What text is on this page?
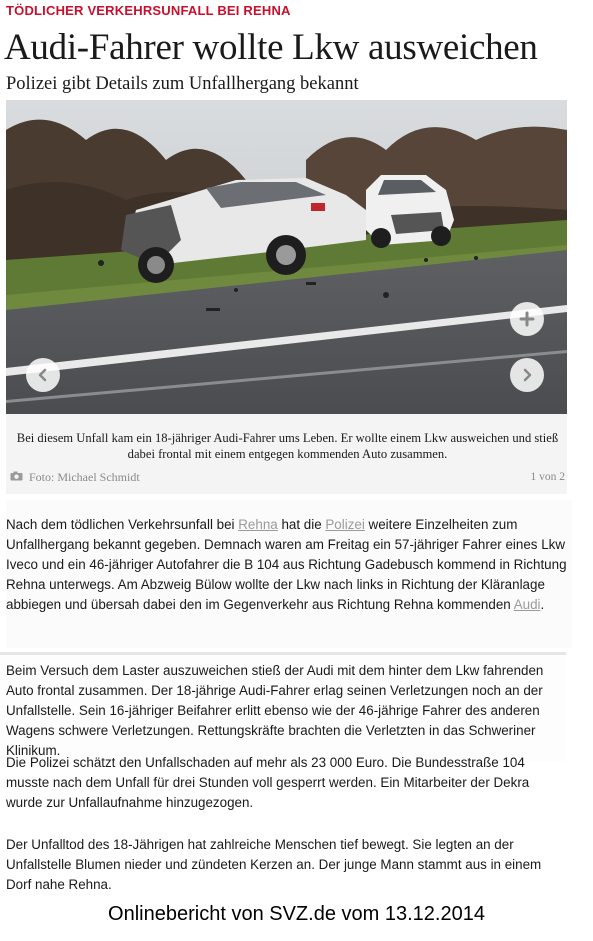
TÖDLICHER VERKEHRSUNFALL BEI REHNA
Audi-Fahrer wollte Lkw ausweichen
Polizei gibt Details zum Unfallhergang bekannt
Bei diesem Unfall kam ein 18-jähriger Audi-Fahrer ums Leben. Er wollte einem Lkw ausweichen und stieß dabei frontal mit einem entgegen kommenden Auto zusammen.
Foto: Michael Schmidt	1 von 2
Nach dem tödlichen Verkehrsunfall bei Rehna hat die Polizei weitere Einzelheiten zum Unfallhergang bekannt gegeben. Demnach waren am Freitag ein 57-jähriger Fahrer eines Lkw Iveco und ein 46-jähriger Autofahrer die B 104 aus Richtung Gadebusch kommend in Richtung Rehna unterwegs. Am Abzweig Bülow wollte der Lkw nach links in Richtung der Kläranlage abbiegen und übersah dabei den im Gegenverkehr aus Richtung Rehna kommenden Audi.
Beim Versuch dem Laster auszuweichen stieß der Audi mit dem hinter dem Lkw fahrenden Auto frontal zusammen. Der 18-jährige Audi-Fahrer erlag seinen Verletzungen noch an der Unfallstelle. Sein 16-jähriger Beifahrer erlitt ebenso wie der 46-jährige Fahrer des anderen Wagens schwere Verletzungen. Rettungskräfte brachten die Verletzten in das Schweriner Klinikum.
Die Polizei schätzt den Unfallschaden auf mehr als 23 000 Euro. Die Bundesstraße 104 musste nach dem Unfall für drei Stunden voll gesperrt werden. Ein Mitarbeiter der Dekra wurde zur Unfallaufnahme hinzugezogen.
Der Unfalltod des 18-Jährigen hat zahlreiche Menschen tief bewegt. Sie legten an der Unfallstelle Blumen nieder und zündeten Kerzen an. Der junge Mann stammt aus in einem Dorf nahe Rehna.
Onlinebericht von SVZ.de vom 13.12.2014
